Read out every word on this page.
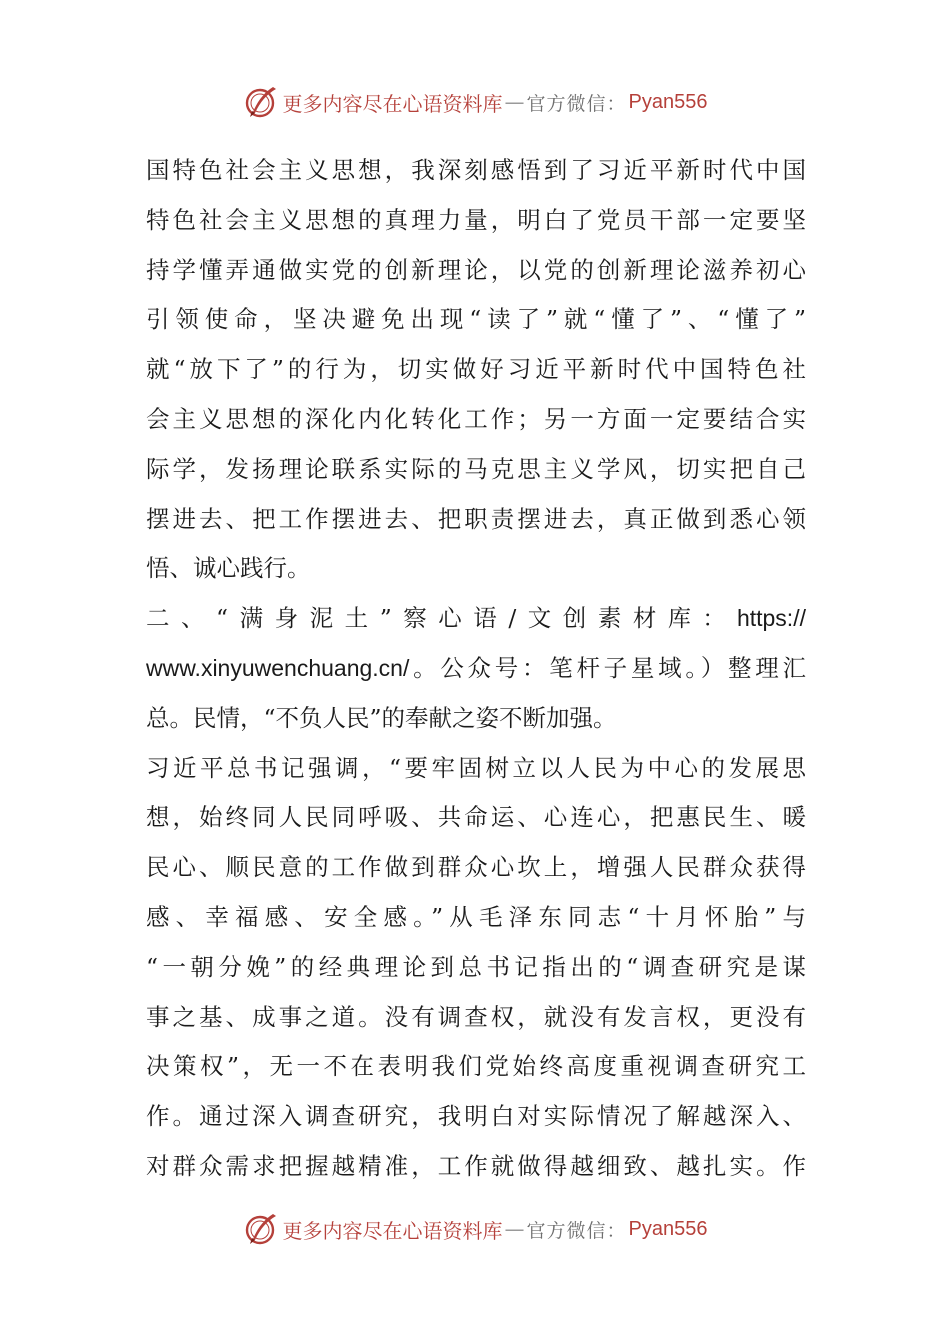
更多内容尽在心语资料库 — 官方微信： Pyan556
国特色社会主义思想，我深刻感悟到了习近平新时代中国
特色社会主义思想的真理力量，明白了党员干部一定要坚
持学懂弄通做实党的创新理论，以党的创新理论滋养初心
引领使命，坚决避免出现“读了”就“懂了”、“懂了”
就“放下了”的行为，切实做好习近平新时代中国特色社
会主义思想的深化内化转化工作；另一方面一定要结合实
际学，发扬理论联系实际的马克思主义学风，切实把自己
摆进去、把工作摆进去、把职责摆进去，真正做到悉心领
悟、诚心践行。
二、“满身泥土”察心语/文创素材库：https://
www.xinyuwenchuang.cn/。公众号：笔杆子星域。）整理汇
总。民情，“不负人民”的奉献之姿不断加强。
习近平总书记强调，“要牢固树立以人民为中心的发展思
想，始终同人民同呼吸、共命运、心连心，把惠民生、暖
民心、顺民意的工作做到群众心坎上，增强人民群众获得
感、幸福感、安全感。”从毛泽东同志“十月怀胎”与
“一朝分娩”的经典理论到总书记指出的“调查研究是谋
事之基、成事之道。没有调查权，就没有发言权，更没有
决策权”，无一不在表明我们党始终高度重视调查研究工
作。通过深入调查研究，我明白对实际情况了解越深入、
对群众需求把握越精准，工作就做得越细致、越扎实。作
更多内容尽在心语资料库 — 官方微信： Pyan556
